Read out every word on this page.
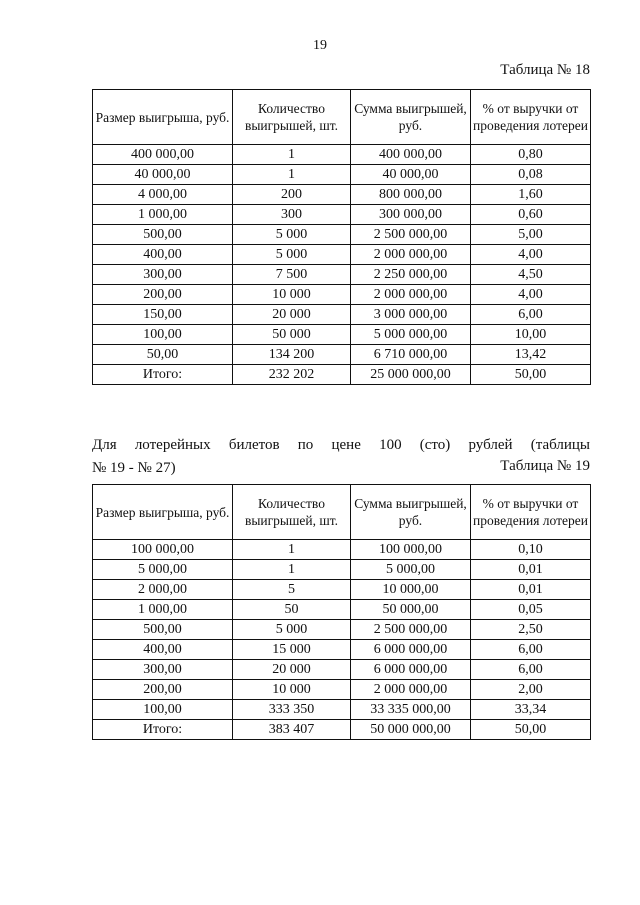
19
Таблица № 18
Размер выигрыша, руб.	Количество выигрышей, шт.	Сумма выигрышей, руб.	% от выручки от проведения лотереи
400 000,00	1	400 000,00	0,80
40 000,00	1	40 000,00	0,08
4 000,00	200	800 000,00	1,60
1 000,00	300	300 000,00	0,60
500,00	5 000	2 500 000,00	5,00
400,00	5 000	2 000 000,00	4,00
300,00	7 500	2 250 000,00	4,50
200,00	10 000	2 000 000,00	4,00
150,00	20 000	3 000 000,00	6,00
100,00	50 000	5 000 000,00	10,00
50,00	134 200	6 710 000,00	13,42
Итого:	232 202	25 000 000,00	50,00
Для лотерейных билетов по цене 100 (сто) рублей (таблицы
№ 19 - № 27)	Таблица № 19
Размер выигрыша, руб.	Количество выигрышей, шт.	Сумма выигрышей, руб.	% от выручки от проведения лотереи
100 000,00	1	100 000,00	0,10
5 000,00	1	5 000,00	0,01
2 000,00	5	10 000,00	0,01
1 000,00	50	50 000,00	0,05
500,00	5 000	2 500 000,00	2,50
400,00	15 000	6 000 000,00	6,00
300,00	20 000	6 000 000,00	6,00
200,00	10 000	2 000 000,00	2,00
100,00	333 350	33 335 000,00	33,34
Итого:	383 407	50 000 000,00	50,00
